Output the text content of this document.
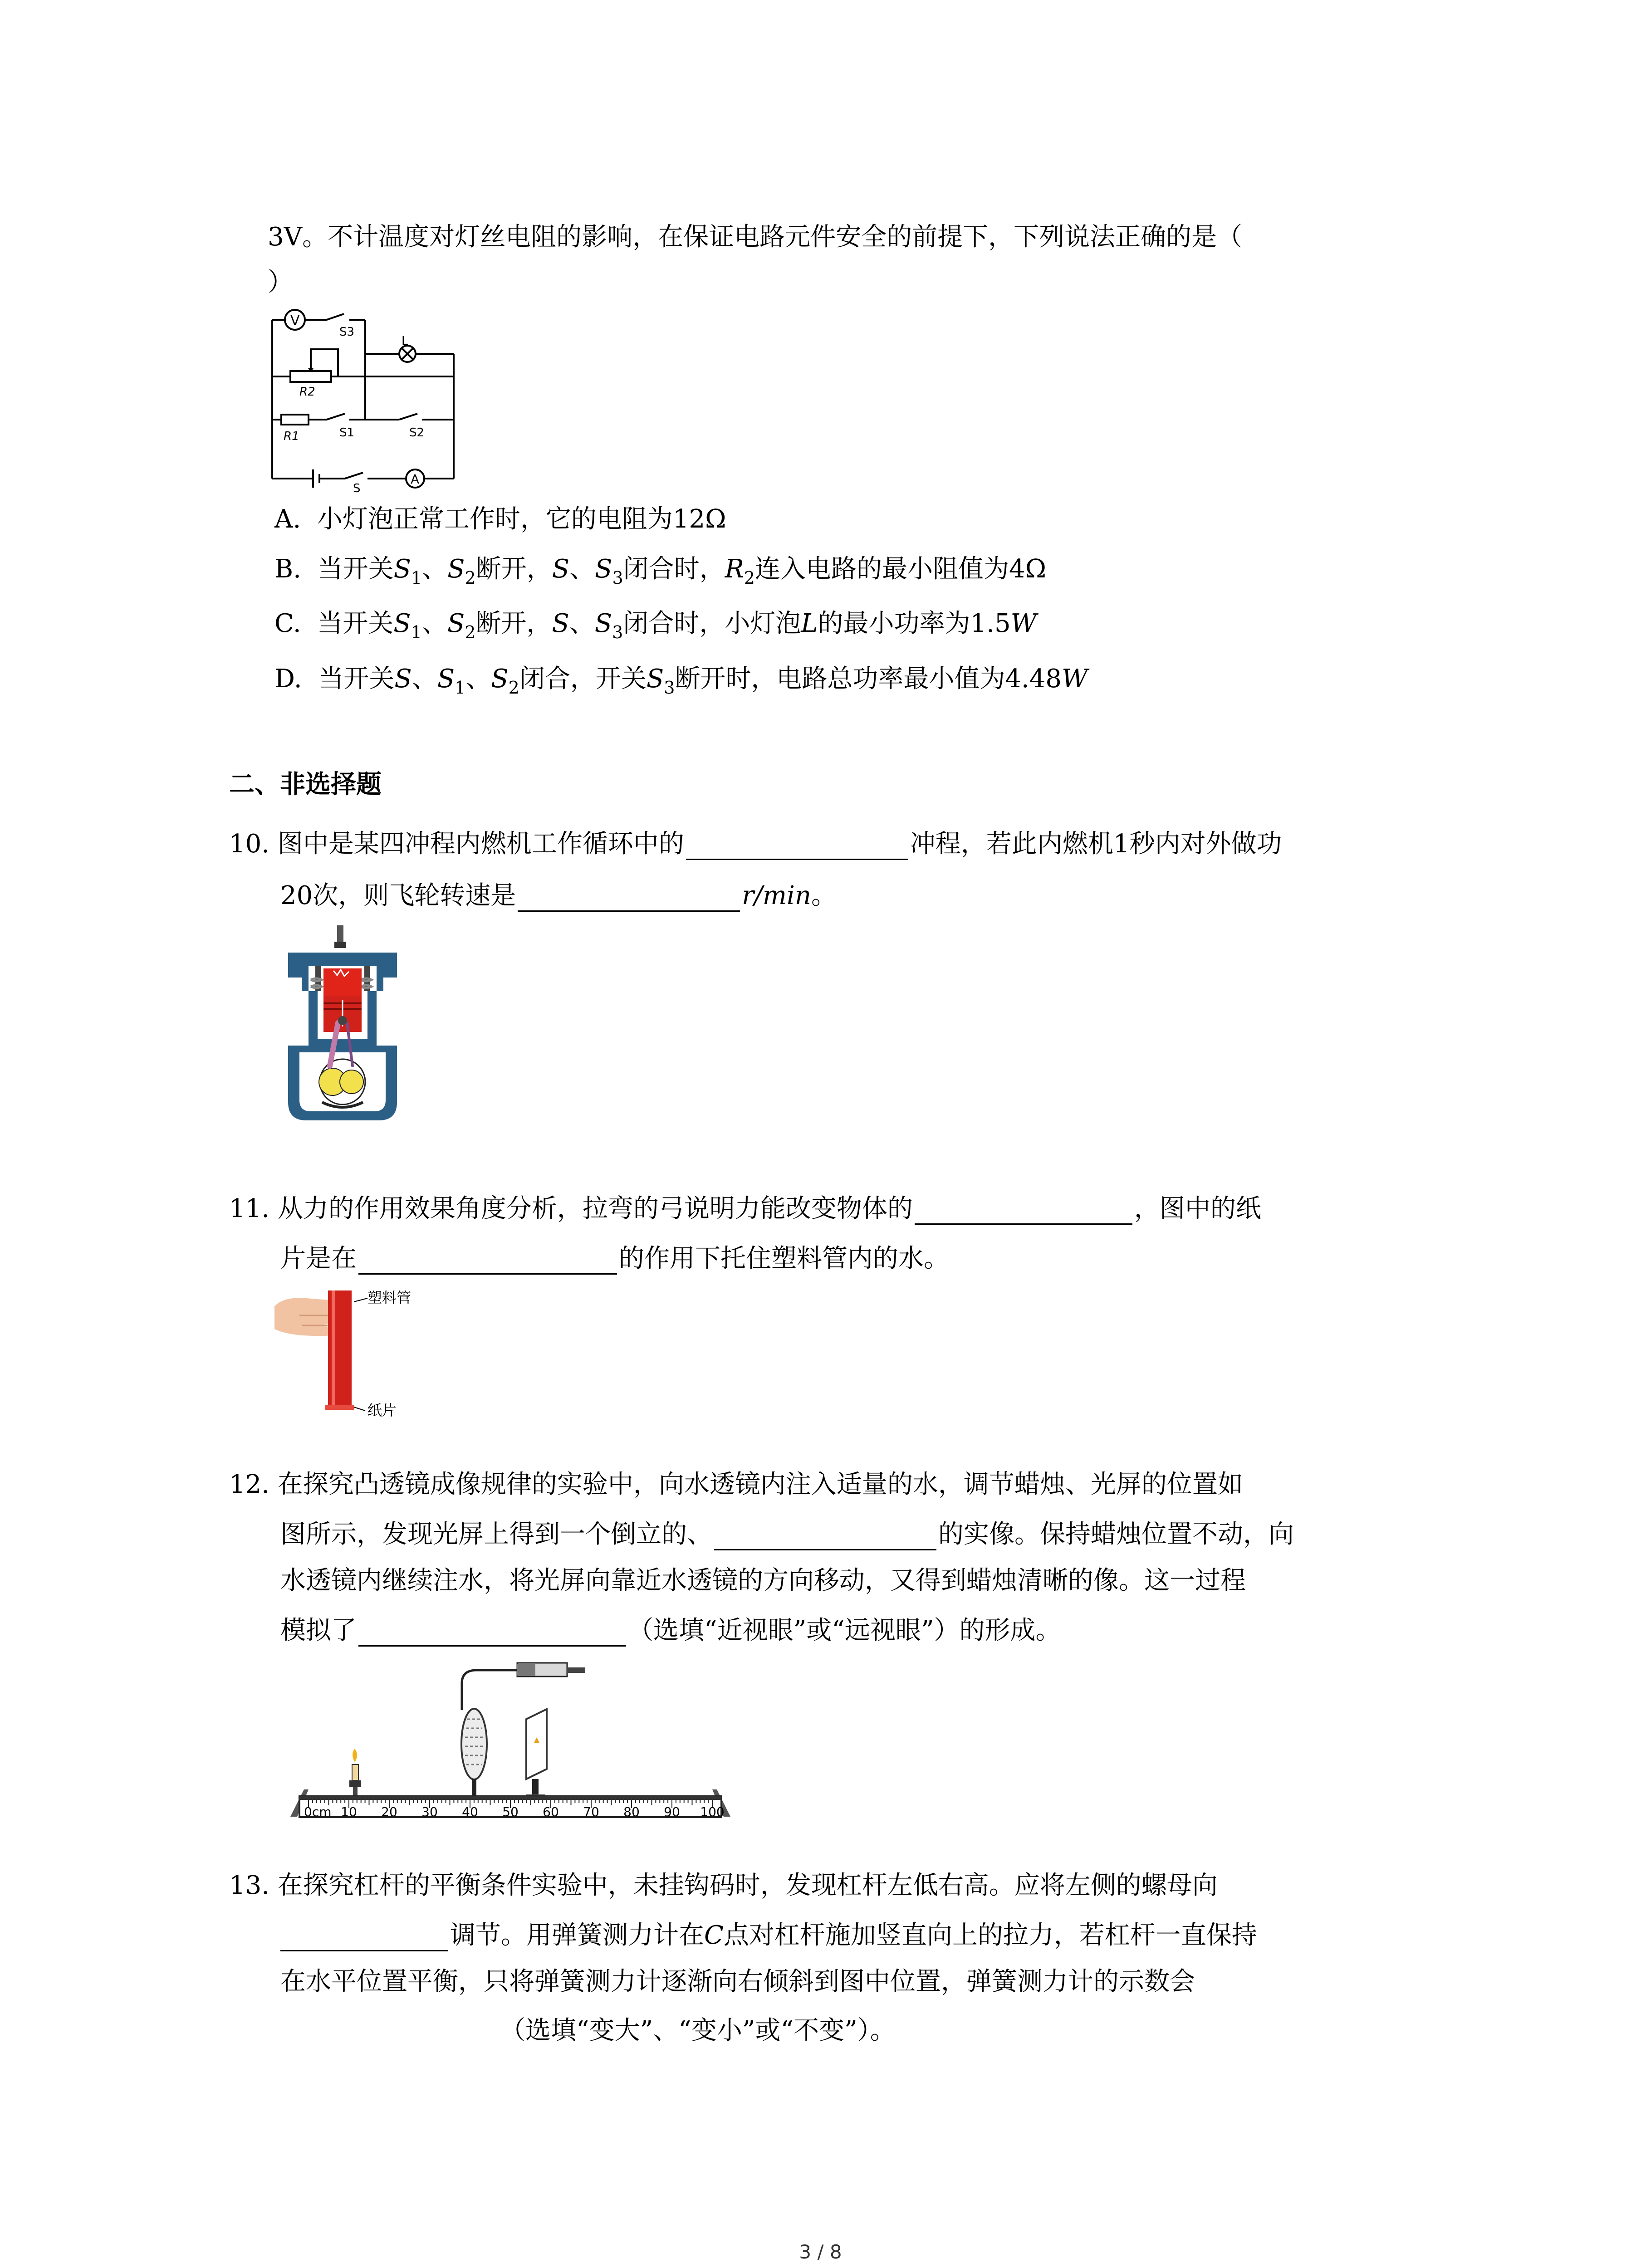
3V。不计温度对灯丝电阻的影响，在保证电路元件安全的前提下，下列说法正确的是（
）
V
S3
L
R2
R1	S1	S2
S
A
A. 小灯泡正常工作时，它的电阻为12Ω
B. 当开关$S_1$、$S_2$断开，S、$S_3$闭合时，$R_2$连入电路的最小阻值为4Ω
C. 当开关$S_1$、$S_2$断开，S、$S_3$闭合时，小灯泡L的最小功率为1.5W
D. 当开关S、$S_1$、$S_2$闭合，开关$S_3$断开时，电路总功率最小值为4.48W
二、非选择题
10. 图中是某四冲程内燃机工作循环中的	冲程，若此内燃机1秒内对外做功
20次，则飞轮转速是	r/min。
11. 从力的作用效果角度分析，拉弯的弓说明力能改变物体的	，图中的纸
片是在	的作用下托住塑料管内的水。
塑料管
纸片
12. 在探究凸透镜成像规律的实验中，向水透镜内注入适量的水，调节蜡烛、光屏的位置如
图所示，发现光屏上得到一个倒立的、	的实像。保持蜡烛位置不动，向
水透镜内继续注水，将光屏向靠近水透镜的方向移动，又得到蜡烛清晰的像。这一过程
模拟了	（选填“近视眼”或“远视眼”）的形成。
0cm 10 20 30 40 50 60 70 80 90 100
13. 在探究杠杆的平衡条件实验中，未挂钩码时，发现杠杆左低右高。应将左侧的螺母向
调节。用弹簧测力计在C点对杠杆施加竖直向上的拉力，若杠杆一直保持
在水平位置平衡，只将弹簧测力计逐渐向右倾斜到图中位置，弹簧测力计的示数会
（选填“变大”、“变小”或“不变”）。
3 / 8
